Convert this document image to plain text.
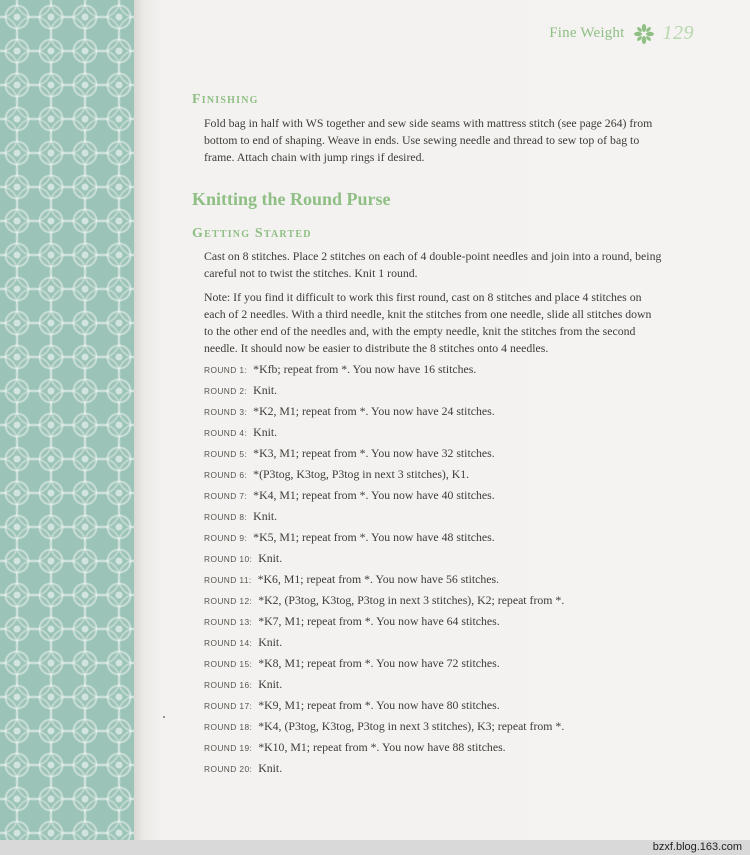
Fine Weight 129
Finishing

Fold bag in half with WS together and sew side seams with mattress stitch (see page 264) from bottom to end of shaping. Weave in ends. Use sewing needle and thread to sew top of bag to frame. Attach chain with jump rings if desired.

Knitting the Round Purse
Getting Started

Cast on 8 stitches. Place 2 stitches on each of 4 double-point needles and join into a round, being careful not to twist the stitches. Knit 1 round.

Note: If you find it difficult to work this first round, cast on 8 stitches and place 4 stitches on each of 2 needles. With a third needle, knit the stitches from one needle, slide all stitches down to the other end of the needles and, with the empty needle, knit the stitches from the second needle. It should now be easier to distribute the 8 stitches onto 4 needles.

ROUND 1: *Kfb; repeat from *. You now have 16 stitches.
ROUND 2: Knit.
ROUND 3: *K2, M1; repeat from *. You now have 24 stitches.
ROUND 4: Knit.
ROUND 5: *K3, M1; repeat from *. You now have 32 stitches.
ROUND 6: *(P3tog, K3tog, P3tog in next 3 stitches), K1.
ROUND 7: *K4, M1; repeat from *. You now have 40 stitches.
ROUND 8: Knit.
ROUND 9: *K5, M1; repeat from *. You now have 48 stitches.
ROUND 10: Knit.
ROUND 11: *K6, M1; repeat from *. You now have 56 stitches.
ROUND 12: *K2, (P3tog, K3tog, P3tog in next 3 stitches), K2; repeat from *.
ROUND 13: *K7, M1; repeat from *. You now have 64 stitches.
ROUND 14: Knit.
ROUND 15: *K8, M1; repeat from *. You now have 72 stitches.
ROUND 16: Knit.
ROUND 17: *K9, M1; repeat from *. You now have 80 stitches.
ROUND 18: *K4, (P3tog, K3tog, P3tog in next 3 stitches), K3; repeat from *.
ROUND 19: *K10, M1; repeat from *. You now have 88 stitches.
ROUND 20: Knit.
bzxf.blog.163.com
